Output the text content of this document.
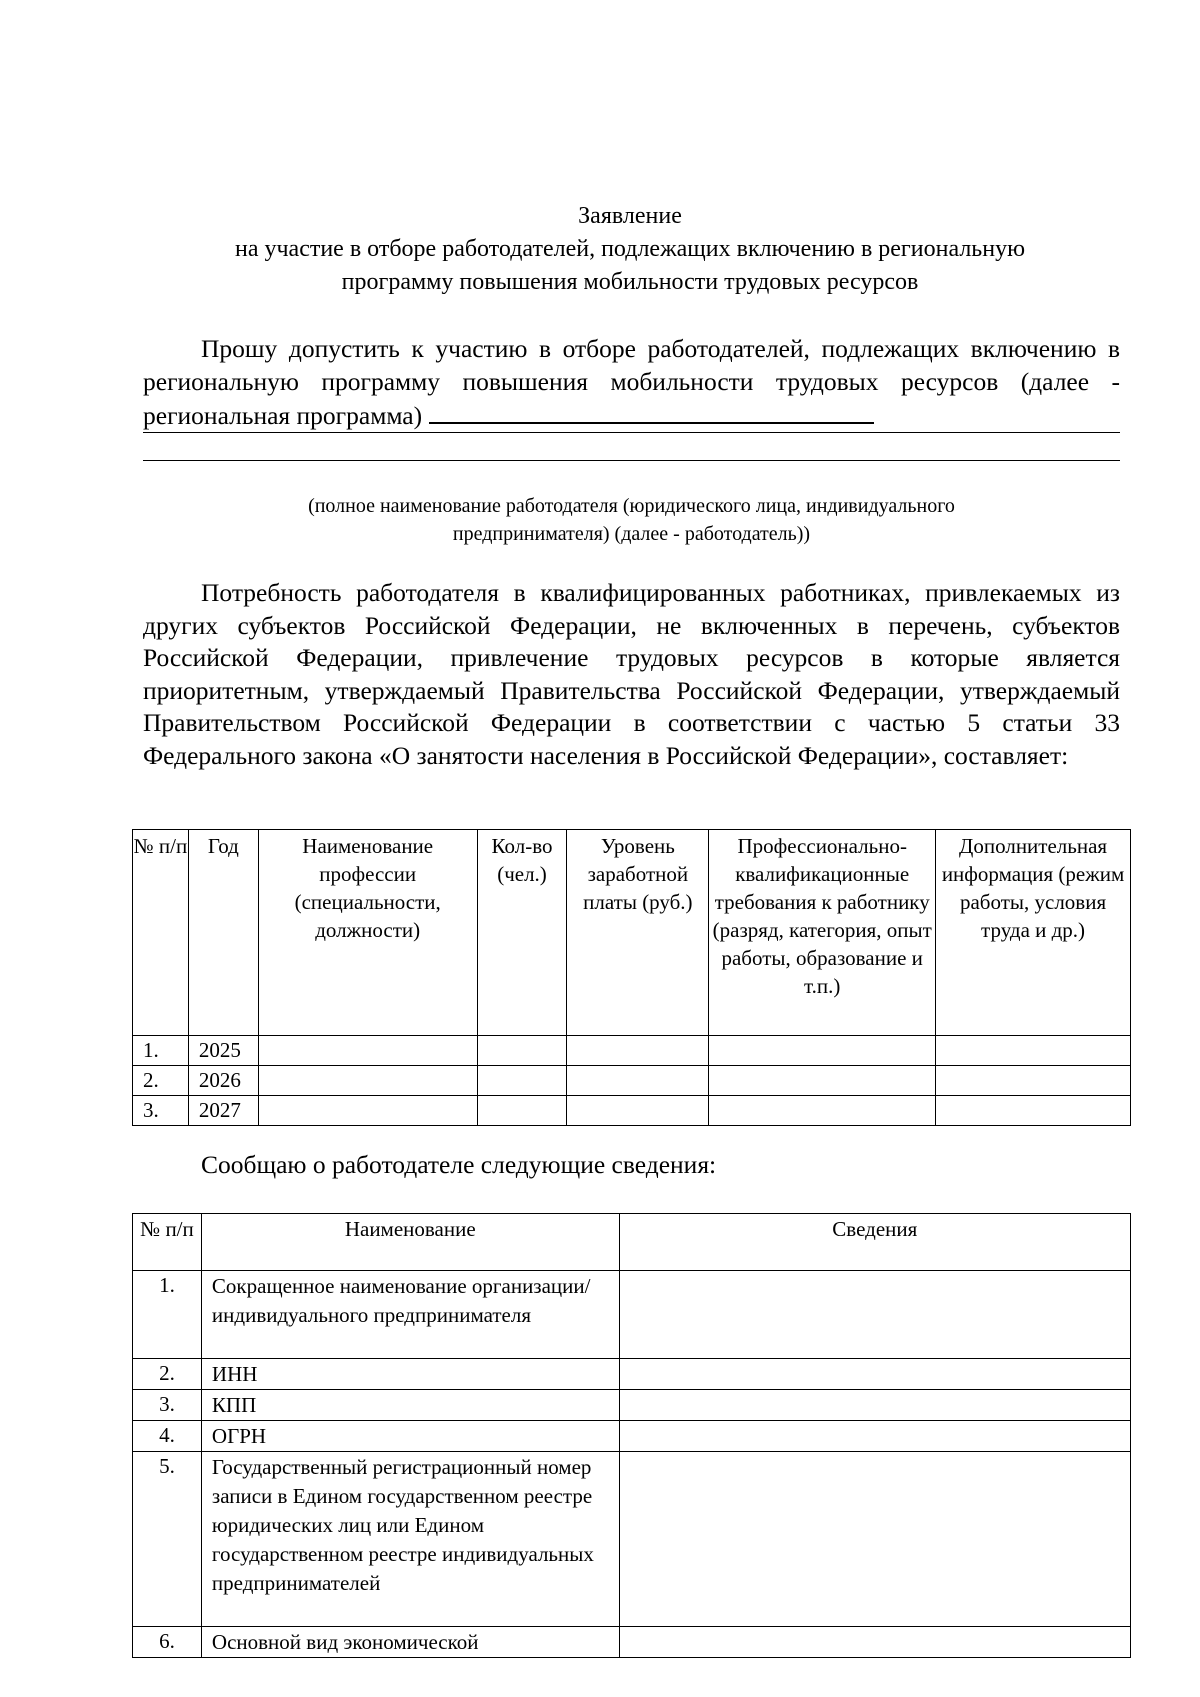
Заявление
на участие в отборе работодателей, подлежащих включению в региональную
программу повышения мобильности трудовых ресурсов
Прошу допустить к участию в отборе работодателей, подлежащих включению в региональную программу повышения мобильности трудовых ресурсов (далее - региональная программа)
(полное наименование работодателя (юридического лица, индивидуального
предпринимателя) (далее - работодатель))
Потребность работодателя в квалифицированных работниках, привлекаемых из других субъектов Российской Федерации, не включенных в перечень, субъектов Российской Федерации, привлечение трудовых ресурсов в которые является приоритетным, утверждаемый Правительства Российской Федерации, утверждаемый Правительством Российской Федерации в соответствии с частью 5 статьи 33 Федерального закона «О занятости населения в Российской Федерации», составляет:
№ п/п	Год	Наименование профессии (специальности, должности)	Кол-во (чел.)	Уровень заработной платы (руб.)	Профессионально-квалификационные требования к работнику (разряд, категория, опыт работы, образование и т.п.)	Дополнительная информация (режим работы, условия труда и др.)
1.	2025					
2.	2026					
3.	2027					
Сообщаю о работодателе следующие сведения:
№ п/п	Наименование	Сведения
1.	Сокращенное наименование организации/индивидуального предпринимателя	
2.	ИНН	
3.	КПП	
4.	ОГРН	
5.	Государственный регистрационный номер записи в Едином государственном реестре юридических лиц или Едином государственном реестре индивидуальных предпринимателей	
6.	Основной вид экономической	
